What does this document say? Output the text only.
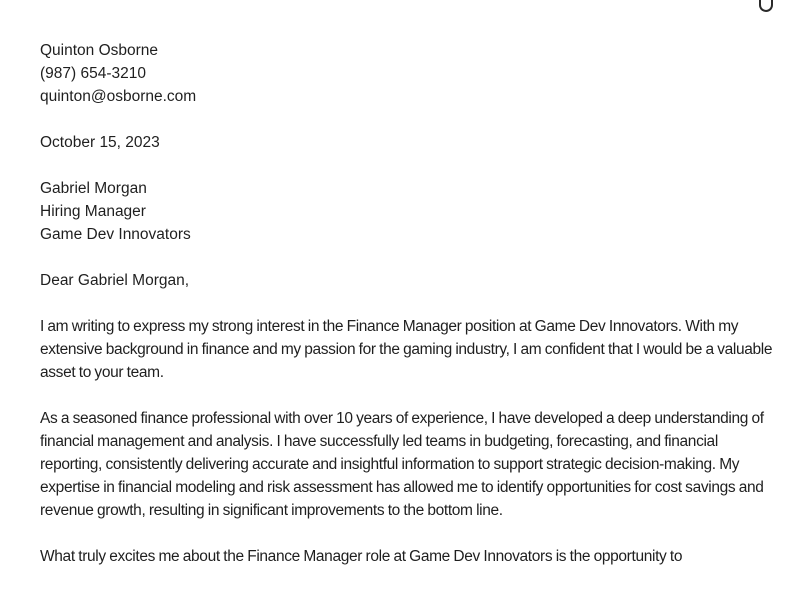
Quinton Osborne
(987) 654-3210
quinton@osborne.com
October 15, 2023
Gabriel Morgan
Hiring Manager
Game Dev Innovators
Dear Gabriel Morgan,

I am writing to express my strong interest in the Finance Manager position at Game Dev Innovators. With my extensive background in finance and my passion for the gaming industry, I am confident that I would be a valuable asset to your team.

As a seasoned finance professional with over 10 years of experience, I have developed a deep understanding of financial management and analysis. I have successfully led teams in budgeting, forecasting, and financial reporting, consistently delivering accurate and insightful information to support strategic decision-making. My expertise in financial modeling and risk assessment has allowed me to identify opportunities for cost savings and revenue growth, resulting in significant improvements to the bottom line.

What truly excites me about the Finance Manager role at Game Dev Innovators is the opportunity to
